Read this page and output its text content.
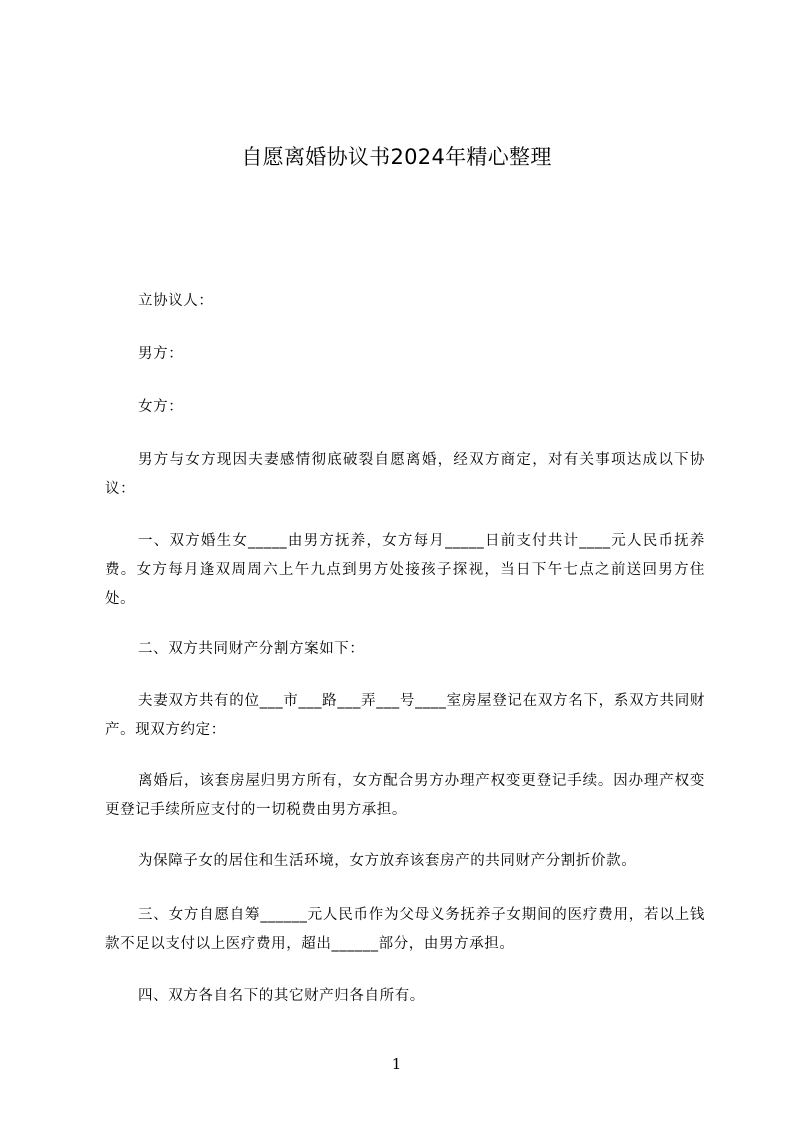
自愿离婚协议书2024年精心整理

立协议人：

男方：

女方：

男方与女方现因夫妻感情彻底破裂自愿离婚，经双方商定，对有关事项达成以下协议：

一、双方婚生女_____由男方抚养，女方每月_____日前支付共计____元人民币抚养费。女方每月逢双周周六上午九点到男方处接孩子探视，当日下午七点之前送回男方住处。

二、双方共同财产分割方案如下：

夫妻双方共有的位___市___路___弄___号____室房屋登记在双方名下，系双方共同财产。现双方约定：

离婚后，该套房屋归男方所有，女方配合男方办理产权变更登记手续。因办理产权变更登记手续所应支付的一切税费由男方承担。

为保障子女的居住和生活环境，女方放弃该套房产的共同财产分割折价款。

三、女方自愿自筹______元人民币作为父母义务抚养子女期间的医疗费用，若以上钱款不足以支付以上医疗费用，超出______部分，由男方承担。

四、双方各自名下的其它财产归各自所有。

1
